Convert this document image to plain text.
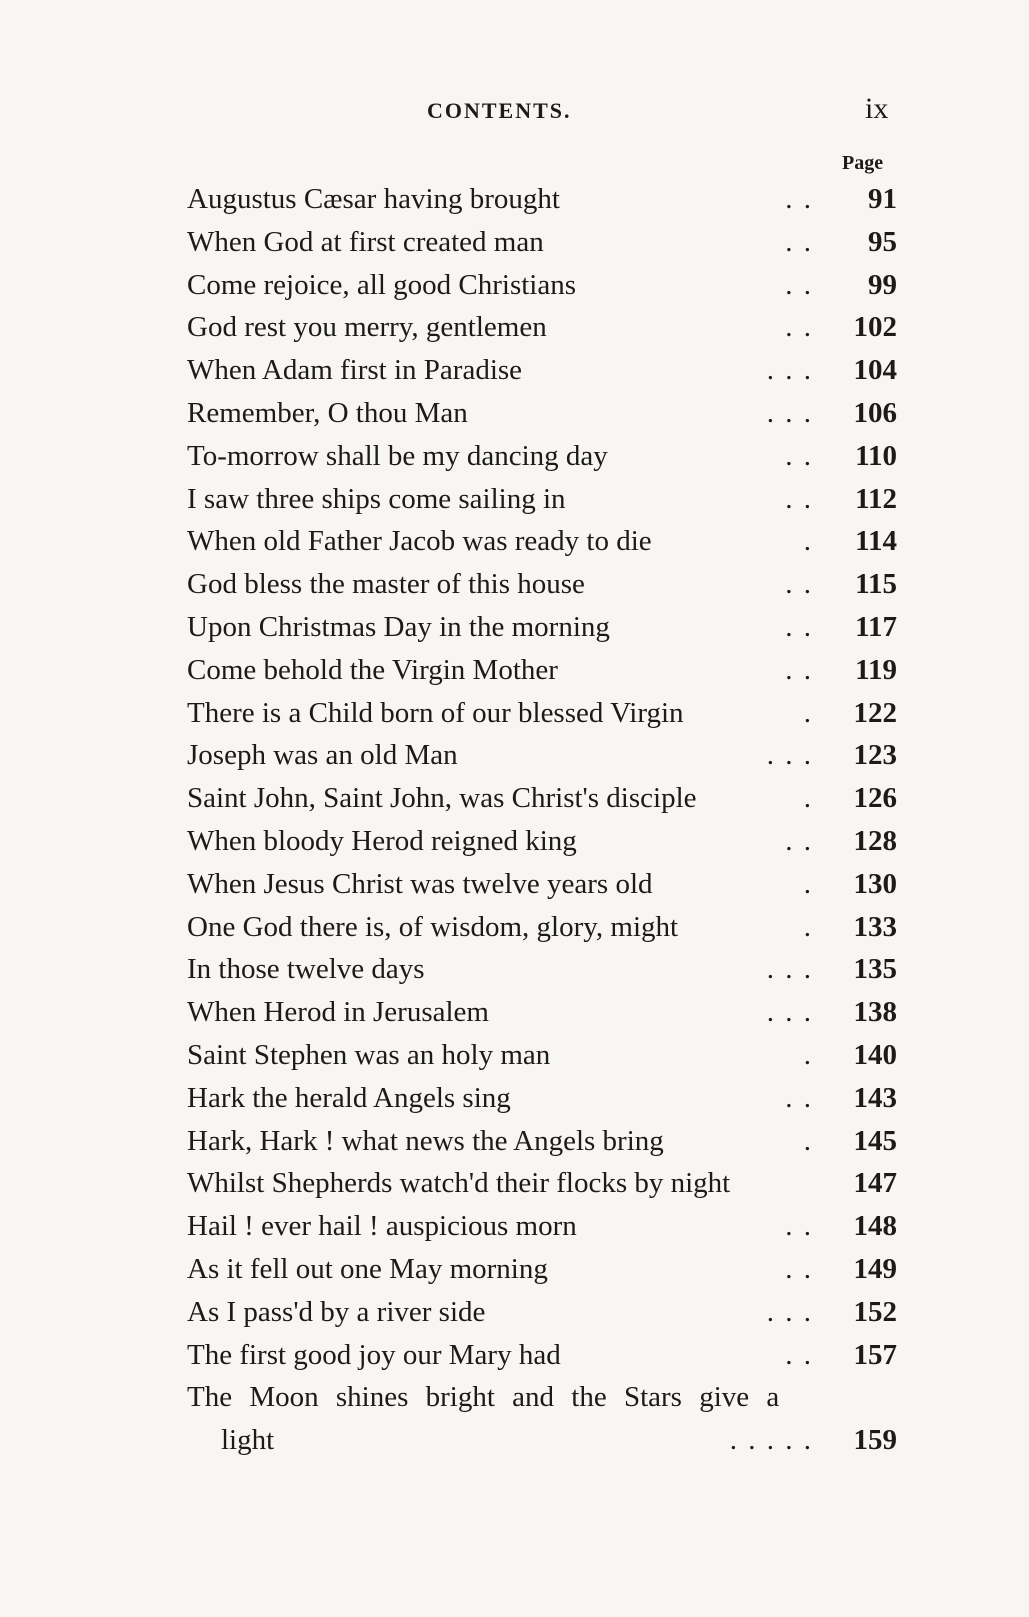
CONTENTS.	ix
Page
Augustus Cæsar having brought	. .	91
When God at first created man	. .	95
Come rejoice, all good Christians	. .	99
God rest you merry, gentlemen	. .	102
When Adam first in Paradise	. . .	104
Remember, O thou Man	. . .	106
To-morrow shall be my dancing day	. .	110
I saw three ships come sailing in	. .	112
When old Father Jacob was ready to die	.	114
God bless the master of this house	. .	115
Upon Christmas Day in the morning	. .	117
Come behold the Virgin Mother	. .	119
There is a Child born of our blessed Virgin	.	122
Joseph was an old Man	. . .	123
Saint John, Saint John, was Christ's disciple	.	126
When bloody Herod reigned king	. .	128
When Jesus Christ was twelve years old	.	130
One God there is, of wisdom, glory, might	.	133
In those twelve days	. . .	135
When Herod in Jerusalem	. . .	138
Saint Stephen was an holy man	.	140
Hark the herald Angels sing	. .	143
Hark, Hark ! what news the Angels bring	.	145
Whilst Shepherds watch'd their flocks by night	147
Hail ! ever hail ! auspicious morn	. .	148
As it fell out one May morning	. .	149
As I pass'd by a river side	. . .	152
The first good joy our Mary had	. .	157
The Moon shines bright and the Stars give a
light	. . . . .	159
